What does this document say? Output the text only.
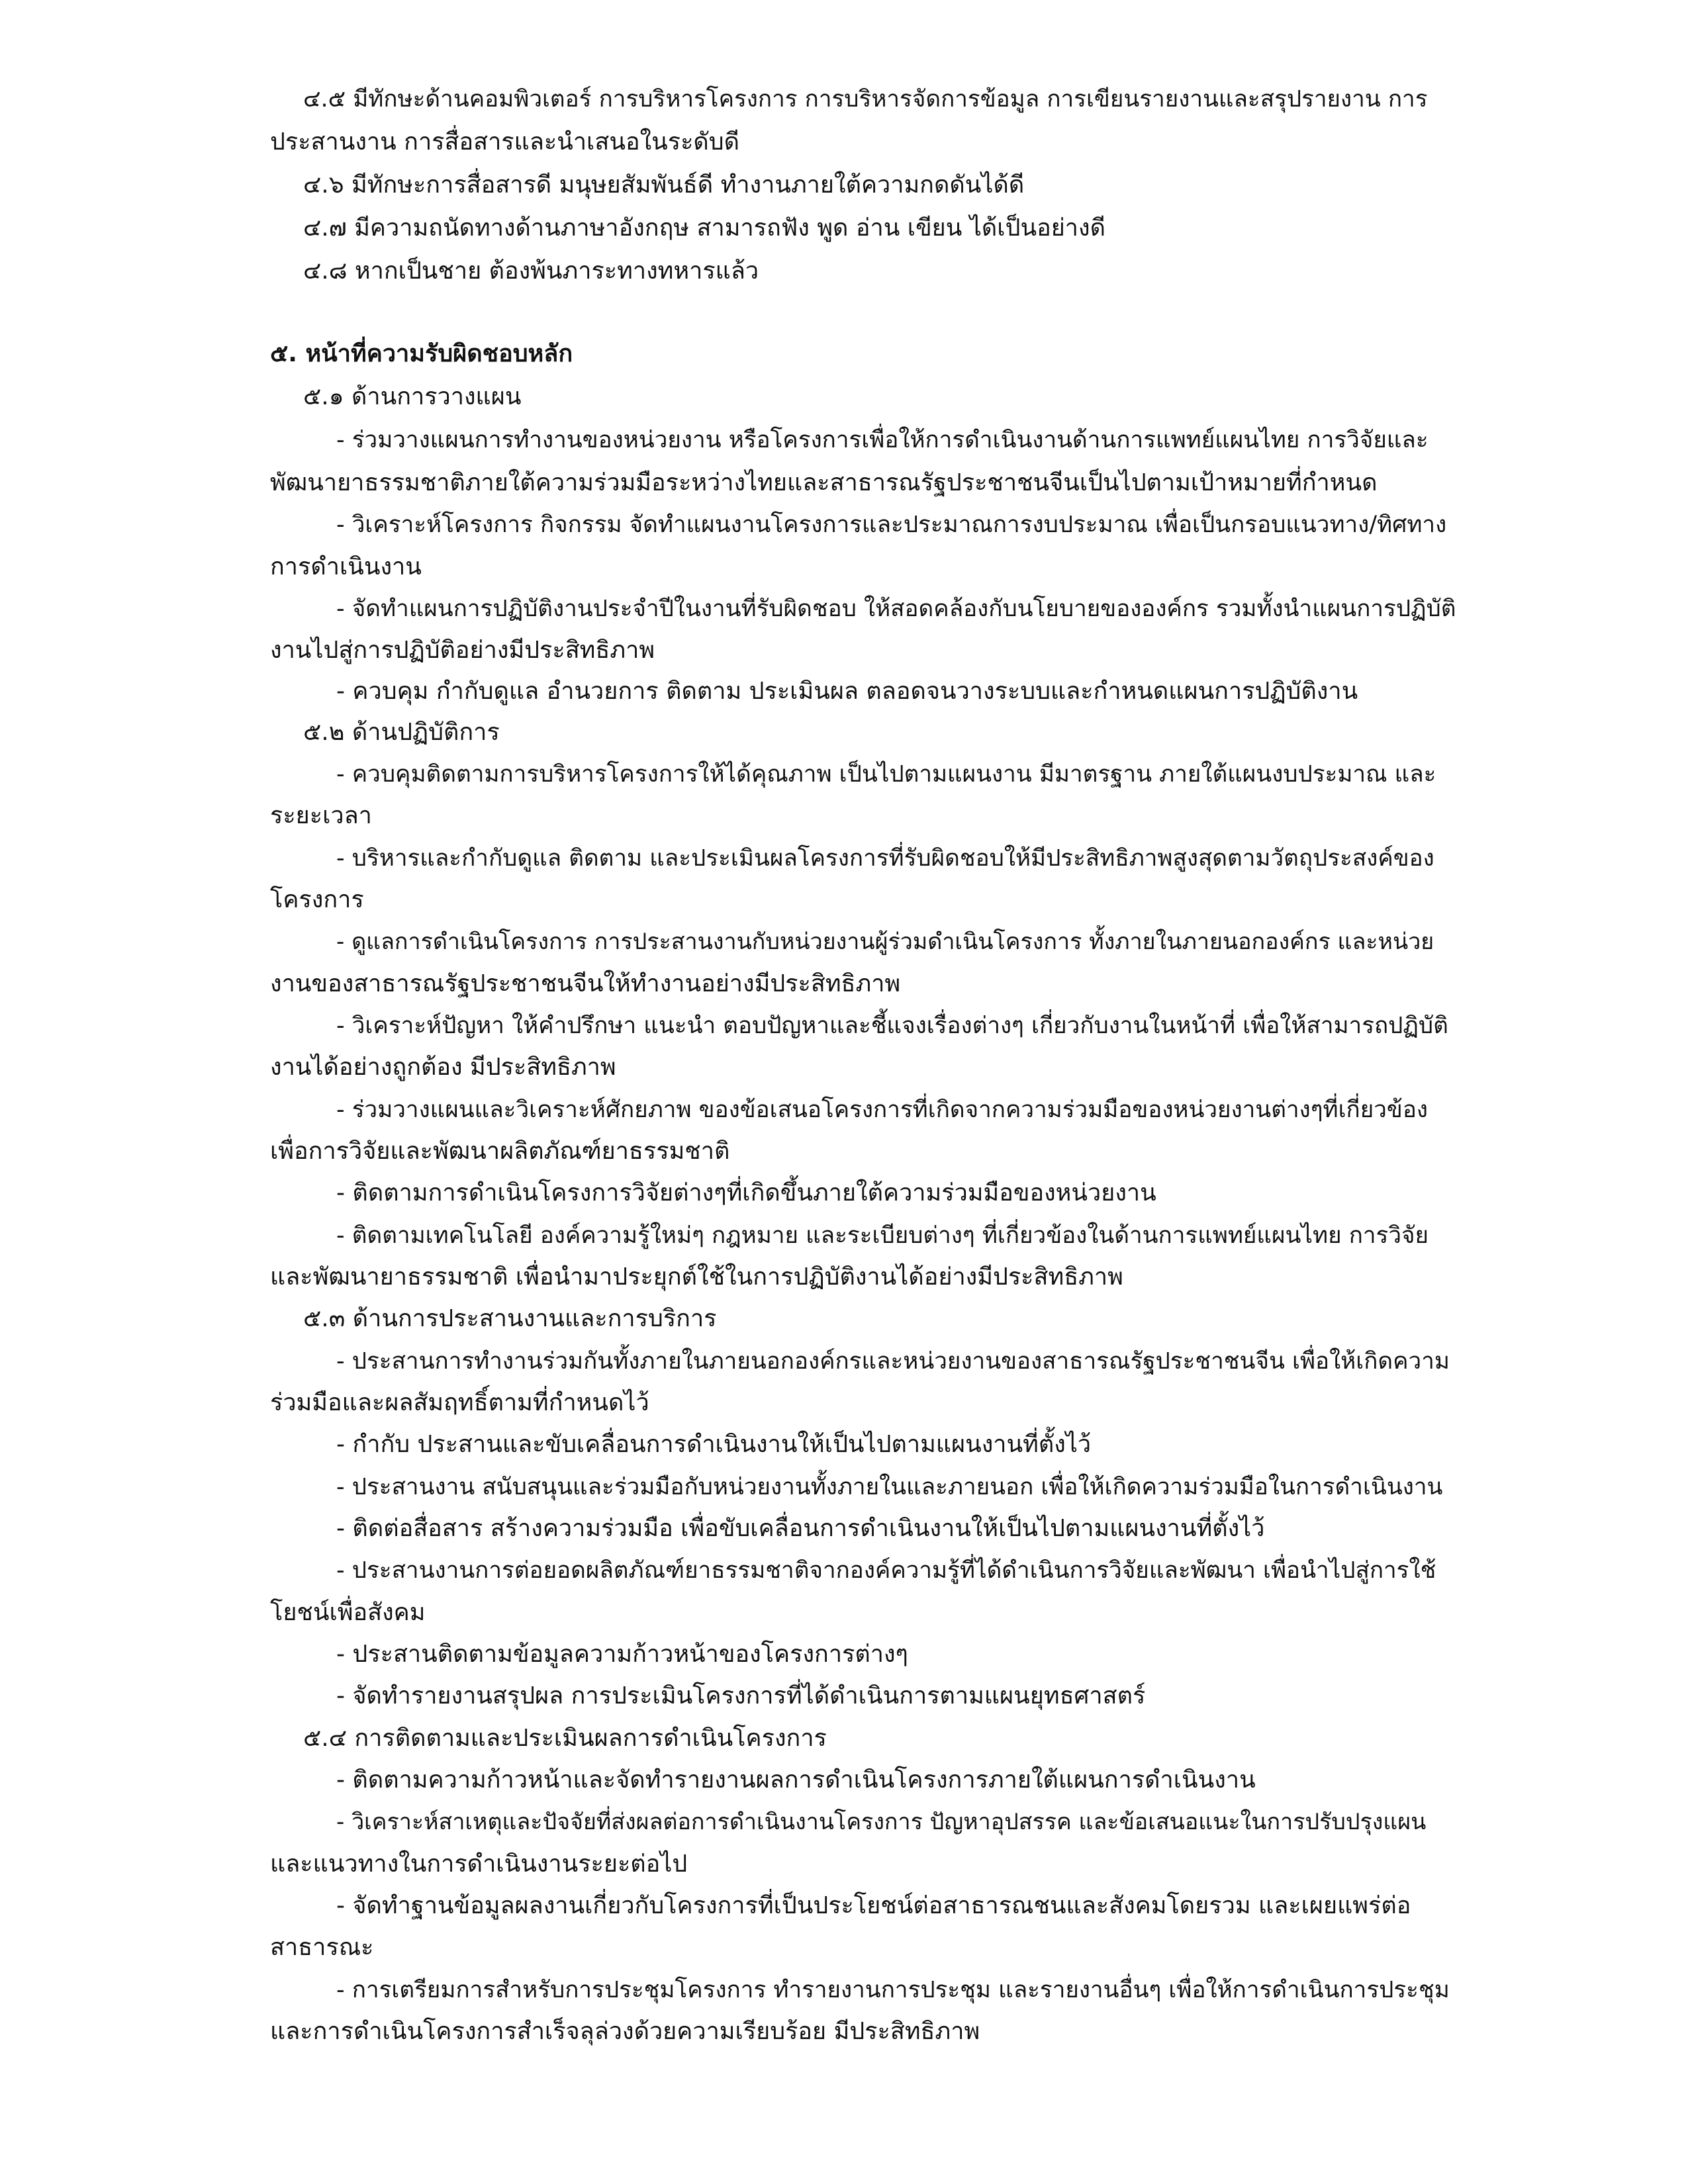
๔.๕ มีทักษะด้านคอมพิวเตอร์ การบริหารโครงการ การบริหารจัดการข้อมูล การเขียนรายงานและสรุปรายงาน การ
ประสานงาน การสื่อสารและนำเสนอในระดับดี
๔.๖ มีทักษะการสื่อสารดี มนุษยสัมพันธ์ดี ทำงานภายใต้ความกดดันได้ดี
๔.๗ มีความถนัดทางด้านภาษาอังกฤษ สามารถฟัง พูด อ่าน เขียน ได้เป็นอย่างดี
๔.๘ หากเป็นชาย ต้องพ้นภาระทางทหารแล้ว
๕. หน้าที่ความรับผิดชอบหลัก
๕.๑ ด้านการวางแผน
- ร่วมวางแผนการทำงานของหน่วยงาน หรือโครงการเพื่อให้การดำเนินงานด้านการแพทย์แผนไทย การวิจัยและ
พัฒนายาธรรมชาติภายใต้ความร่วมมือระหว่างไทยและสาธารณรัฐประชาชนจีนเป็นไปตามเป้าหมายที่กำหนด
- วิเคราะห์โครงการ กิจกรรม จัดทำแผนงานโครงการและประมาณการงบประมาณ เพื่อเป็นกรอบแนวทาง/ทิศทาง
การดำเนินงาน
- จัดทำแผนการปฏิบัติงานประจำปีในงานที่รับผิดชอบ ให้สอดคล้องกับนโยบายขององค์กร รวมทั้งนำแผนการปฏิบัติ
งานไปสู่การปฏิบัติอย่างมีประสิทธิภาพ
- ควบคุม กำกับดูแล อำนวยการ ติดตาม ประเมินผล ตลอดจนวางระบบและกำหนดแผนการปฏิบัติงาน
๕.๒ ด้านปฏิบัติการ
- ควบคุมติดตามการบริหารโครงการให้ได้คุณภาพ เป็นไปตามแผนงาน มีมาตรฐาน ภายใต้แผนงบประมาณ และ
ระยะเวลา
- บริหารและกำกับดูแล ติดตาม และประเมินผลโครงการที่รับผิดชอบให้มีประสิทธิภาพสูงสุดตามวัตถุประสงค์ของ
โครงการ
- ดูแลการดำเนินโครงการ การประสานงานกับหน่วยงานผู้ร่วมดำเนินโครงการ ทั้งภายในภายนอกองค์กร และหน่วย
งานของสาธารณรัฐประชาชนจีนให้ทำงานอย่างมีประสิทธิภาพ
- วิเคราะห์ปัญหา ให้คำปรึกษา แนะนำ ตอบปัญหาและชี้แจงเรื่องต่างๆ เกี่ยวกับงานในหน้าที่ เพื่อให้สามารถปฏิบัติ
งานได้อย่างถูกต้อง มีประสิทธิภาพ
- ร่วมวางแผนและวิเคราะห์ศักยภาพ ของข้อเสนอโครงการที่เกิดจากความร่วมมือของหน่วยงานต่างๆที่เกี่ยวข้อง
เพื่อการวิจัยและพัฒนาผลิตภัณฑ์ยาธรรมชาติ
- ติดตามการดำเนินโครงการวิจัยต่างๆที่เกิดขึ้นภายใต้ความร่วมมือของหน่วยงาน
- ติดตามเทคโนโลยี องค์ความรู้ใหม่ๆ กฎหมาย และระเบียบต่างๆ ที่เกี่ยวข้องในด้านการแพทย์แผนไทย การวิจัย
และพัฒนายาธรรมชาติ เพื่อนำมาประยุกต์ใช้ในการปฏิบัติงานได้อย่างมีประสิทธิภาพ
๕.๓ ด้านการประสานงานและการบริการ
- ประสานการทำงานร่วมกันทั้งภายในภายนอกองค์กรและหน่วยงานของสาธารณรัฐประชาชนจีน เพื่อให้เกิดความ
ร่วมมือและผลสัมฤทธิ์ตามที่กำหนดไว้
- กำกับ ประสานและขับเคลื่อนการดำเนินงานให้เป็นไปตามแผนงานที่ตั้งไว้
- ประสานงาน สนับสนุนและร่วมมือกับหน่วยงานทั้งภายในและภายนอก เพื่อให้เกิดความร่วมมือในการดำเนินงาน
- ติดต่อสื่อสาร สร้างความร่วมมือ เพื่อขับเคลื่อนการดำเนินงานให้เป็นไปตามแผนงานที่ตั้งไว้
- ประสานงานการต่อยอดผลิตภัณฑ์ยาธรรมชาติจากองค์ความรู้ที่ได้ดำเนินการวิจัยและพัฒนา เพื่อนำไปสู่การใช้
โยชน์เพื่อสังคม
- ประสานติดตามข้อมูลความก้าวหน้าของโครงการต่างๆ
- จัดทำรายงานสรุปผล การประเมินโครงการที่ได้ดำเนินการตามแผนยุทธศาสตร์
๕.๔ การติดตามและประเมินผลการดำเนินโครงการ
- ติดตามความก้าวหน้าและจัดทำรายงานผลการดำเนินโครงการภายใต้แผนการดำเนินงาน
- วิเคราะห์สาเหตุและปัจจัยที่ส่งผลต่อการดำเนินงานโครงการ ปัญหาอุปสรรค และข้อเสนอแนะในการปรับปรุงแผน
และแนวทางในการดำเนินงานระยะต่อไป
- จัดทำฐานข้อมูลผลงานเกี่ยวกับโครงการที่เป็นประโยชน์ต่อสาธารณชนและสังคมโดยรวม และเผยแพร่ต่อ
สาธารณะ
- การเตรียมการสำหรับการประชุมโครงการ ทำรายงานการประชุม และรายงานอื่นๆ เพื่อให้การดำเนินการประชุม
และการดำเนินโครงการสำเร็จลุล่วงด้วยความเรียบร้อย มีประสิทธิภาพ
